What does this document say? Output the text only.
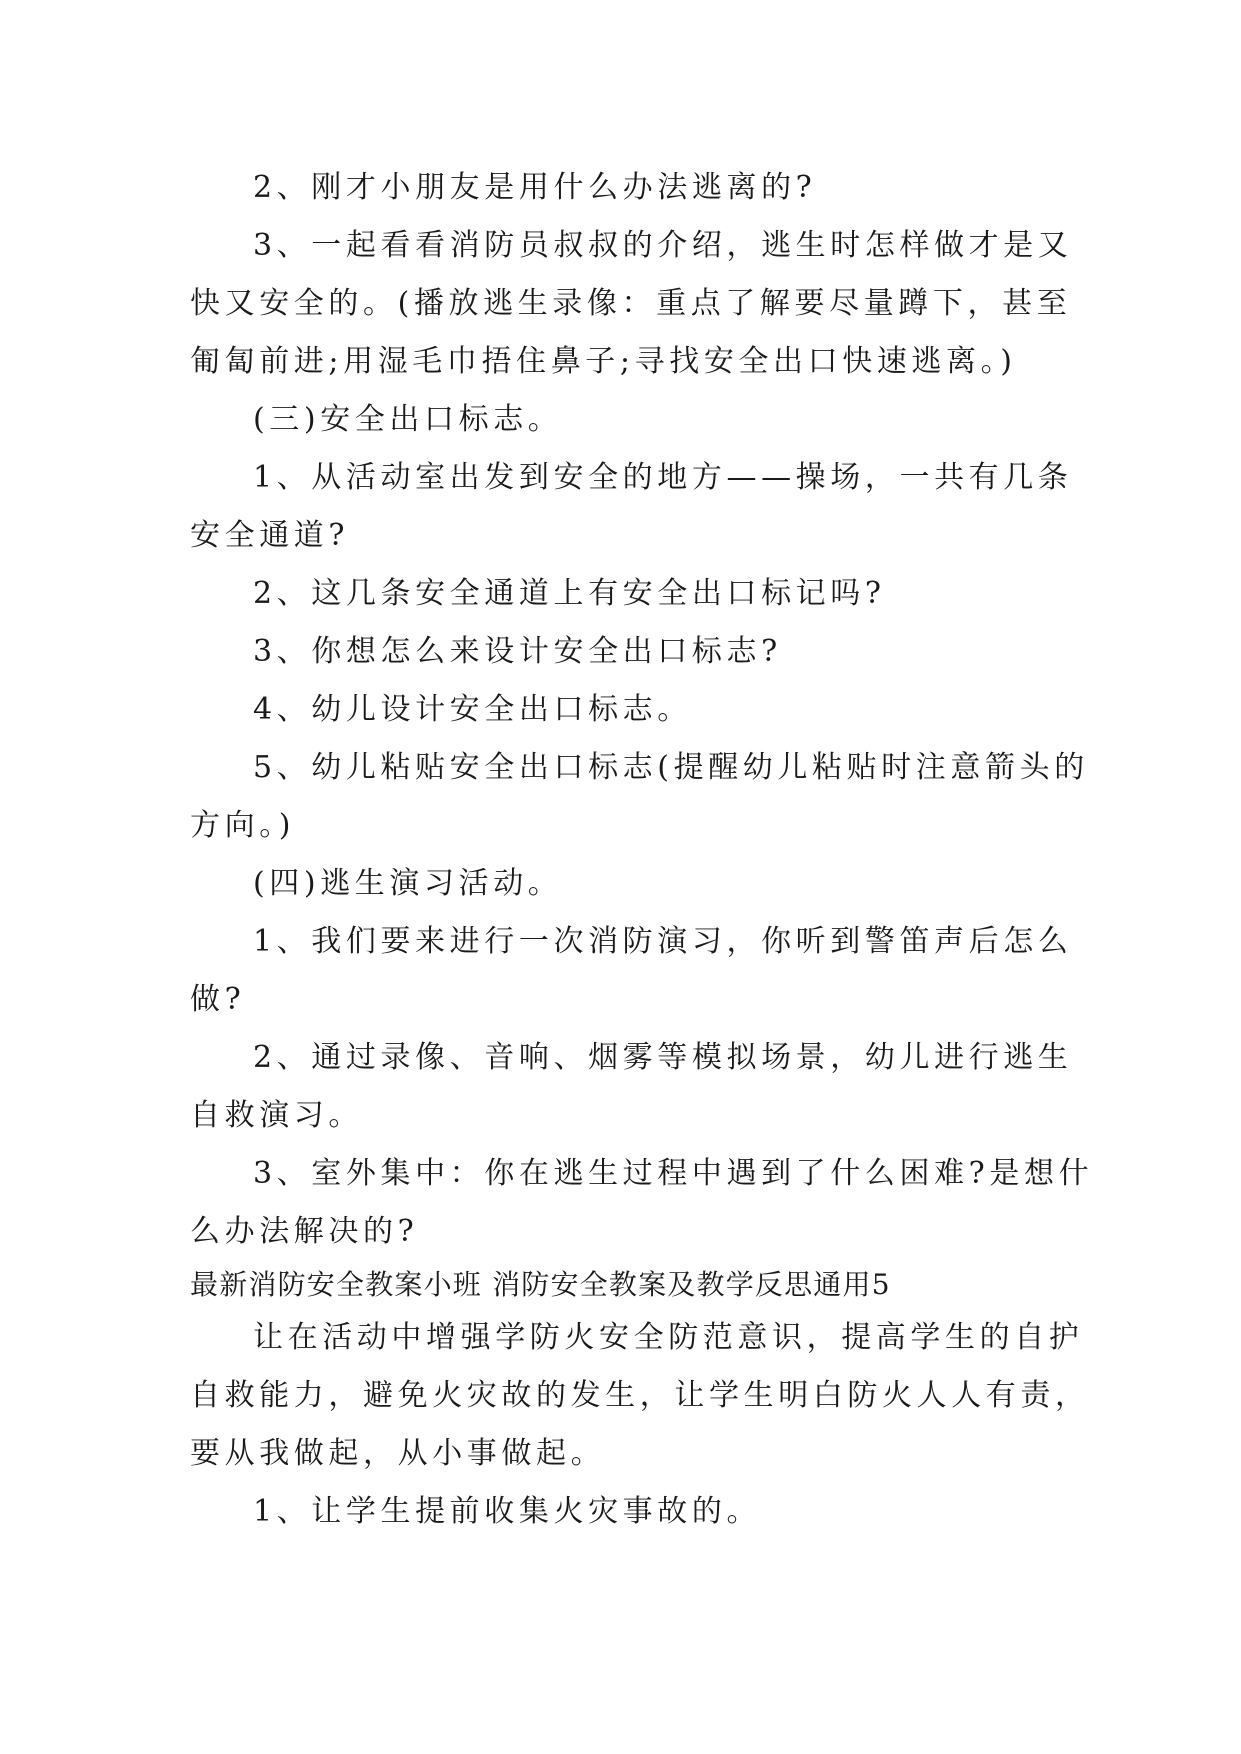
2、刚才小朋友是用什么办法逃离的?
3、一起看看消防员叔叔的介绍，逃生时怎样做才是又
快又安全的。(播放逃生录像：重点了解要尽量蹲下，甚至
匍匐前进;用湿毛巾捂住鼻子;寻找安全出口快速逃离。)
(三)安全出口标志。
1、从活动室出发到安全的地方——操场，一共有几条
安全通道?
2、这几条安全通道上有安全出口标记吗?
3、你想怎么来设计安全出口标志?
4、幼儿设计安全出口标志。
5、幼儿粘贴安全出口标志(提醒幼儿粘贴时注意箭头的
方向。)
(四)逃生演习活动。
1、我们要来进行一次消防演习，你听到警笛声后怎么
做?
2、通过录像、音响、烟雾等模拟场景，幼儿进行逃生
自救演习。
3、室外集中：你在逃生过程中遇到了什么困难?是想什
么办法解决的?
最新消防安全教案小班 消防安全教案及教学反思通用5
让在活动中增强学防火安全防范意识，提高学生的自护
自救能力，避免火灾故的发生，让学生明白防火人人有责，
要从我做起，从小事做起。
1、让学生提前收集火灾事故的。
